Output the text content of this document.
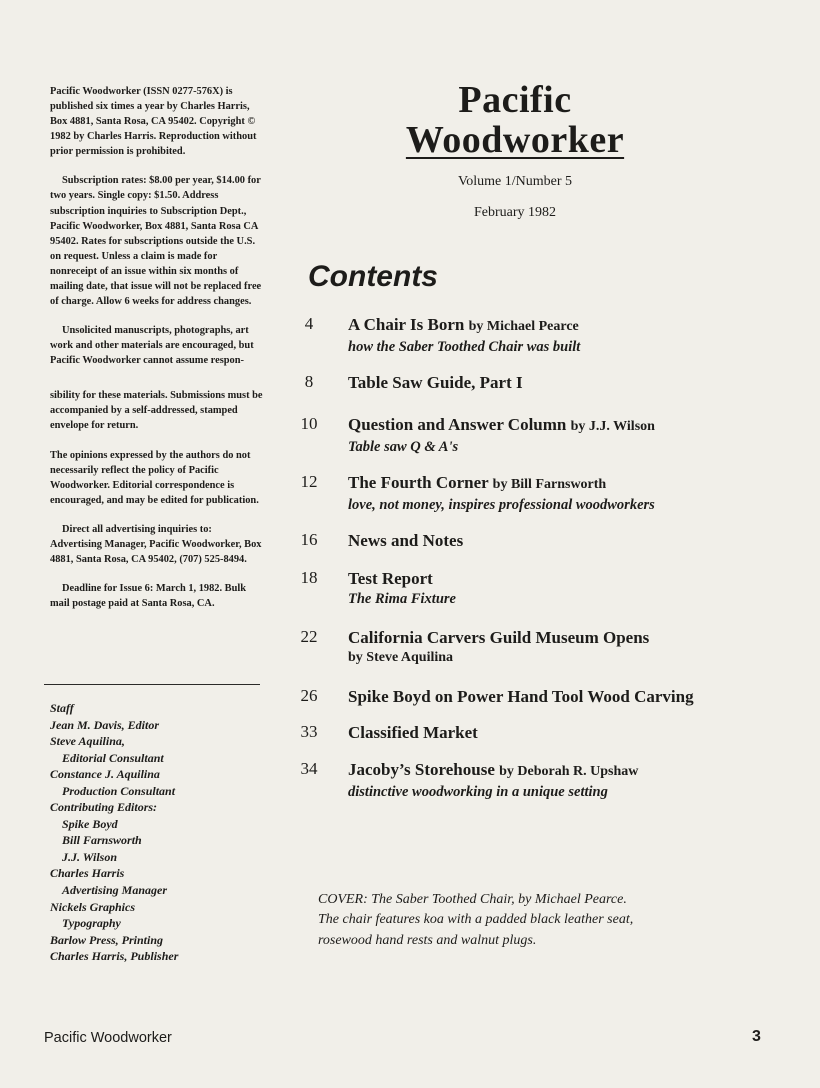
Pacific Woodworker (ISSN 0277-576X) is published six times a year by Charles Harris, Box 4881, Santa Rosa, CA 95402. Copyright © 1982 by Charles Harris. Reproduction without prior permission is prohibited.

Subscription rates: $8.00 per year, $14.00 for two years. Single copy: $1.50. Address subscription inquiries to Subscription Dept., Pacific Woodworker, Box 4881, Santa Rosa CA 95402. Rates for subscriptions outside the U.S. on request. Unless a claim is made for nonreceipt of an issue within six months of mailing date, that issue will not be replaced free of charge. Allow 6 weeks for address changes.

Unsolicited manuscripts, photographs, art work and other materials are encouraged, but Pacific Woodworker cannot assume respon-

sibility for these materials. Submissions must be accompanied by a self-addressed, stamped envelope for return.

The opinions expressed by the authors do not necessarily reflect the policy of Pacific Woodworker. Editorial correspondence is encouraged, and may be edited for publication.

Direct all advertising inquiries to: Advertising Manager, Pacific Woodworker, Box 4881, Santa Rosa, CA 95402, (707) 525-8494.

Deadline for Issue 6: March 1, 1982. Bulk mail postage paid at Santa Rosa, CA.

Staff
Jean M. Davis, Editor
Steve Aquilina,
Editorial Consultant
Constance J. Aquilina
Production Consultant
Contributing Editors:
Spike Boyd
Bill Farnsworth
J.J. Wilson
Charles Harris
Advertising Manager
Nickels Graphics
Typography
Barlow Press, Printing
Charles Harris, Publisher
Pacific
Woodworker
Volume 1/Number 5
February 1982
Contents
4	A Chair Is Born by Michael Pearce
how the Saber Toothed Chair was built
8	Table Saw Guide, Part I
10	Question and Answer Column by J.J. Wilson
Table saw Q & A's
12	The Fourth Corner by Bill Farnsworth
love, not money, inspires professional woodworkers
16	News and Notes
18	Test Report
The Rima Fixture
22	California Carvers Guild Museum Opens
by Steve Aquilina
26	Spike Boyd on Power Hand Tool Wood Carving
33	Classified Market
34	Jacoby’s Storehouse by Deborah R. Upshaw
distinctive woodworking in a unique setting
COVER: The Saber Toothed Chair, by Michael Pearce. The chair features koa with a padded black leather seat, rosewood hand rests and walnut plugs.
Pacific Woodworker	3
